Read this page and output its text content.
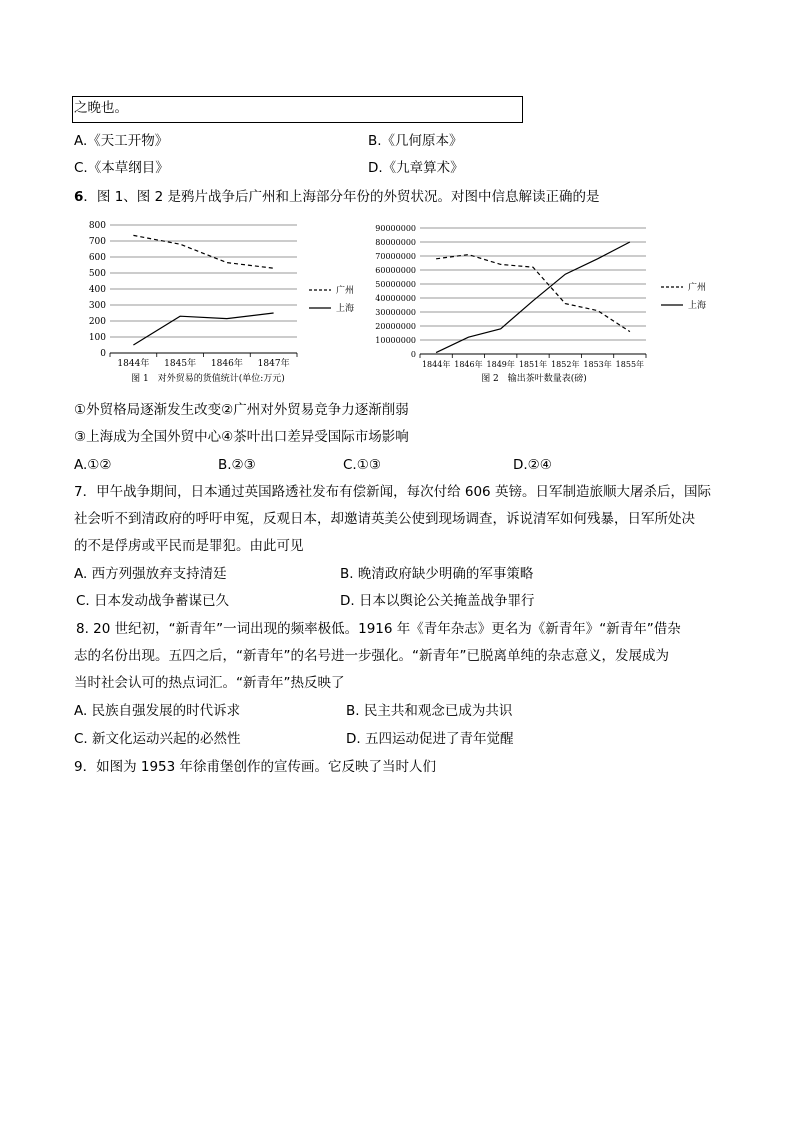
之晚也。
A.《天工开物》	B.《几何原本》
C.《本草纲目》	D.《九章算术》
6．图 1、图 2 是鸦片战争后广州和上海部分年份的外贸状况。对图中信息解读正确的是
0
100
200
300
400
500
600
700
800
1844年 1845年 1846年 1847年
广州
上海
图 1　对外贸易的货值统计(单位:万元)
0
10000000
20000000
30000000
40000000
50000000
60000000
70000000
80000000
90000000
1844年 1846年 1849年 1851年 1852年 1853年 1855年
广州
上海
图 2　输出茶叶数量表(磅)
①外贸格局逐渐发生改变②广州对外贸易竞争力逐渐削弱
③上海成为全国外贸中心④茶叶出口差异受国际市场影响
A.①②	B.②③	C.①③	D.②④
7．甲午战争期间，日本通过英国路透社发布有偿新闻，每次付给 606 英镑。日军制造旅顺大屠杀后，国际
社会听不到清政府的呼吁申冤，反观日本，却邀请英美公使到现场调查，诉说清军如何残暴，日军所处决
的不是俘虏或平民而是罪犯。由此可见
A. 西方列强放弃支持清廷	B. 晚清政府缺少明确的军事策略
C. 日本发动战争蓄谋已久	D. 日本以舆论公关掩盖战争罪行
8. 20 世纪初，“新青年”一词出现的频率极低。1916 年《青年杂志》更名为《新青年》“新青年”借杂
志的名份出现。五四之后，“新青年”的名号进一步强化。“新青年”已脱离单纯的杂志意义，发展成为
当时社会认可的热点词汇。“新青年”热反映了
A. 民族自强发展的时代诉求	B. 民主共和观念已成为共识
C. 新文化运动兴起的必然性	D. 五四运动促进了青年觉醒
9．如图为 1953 年徐甫堡创作的宣传画。它反映了当时人们
